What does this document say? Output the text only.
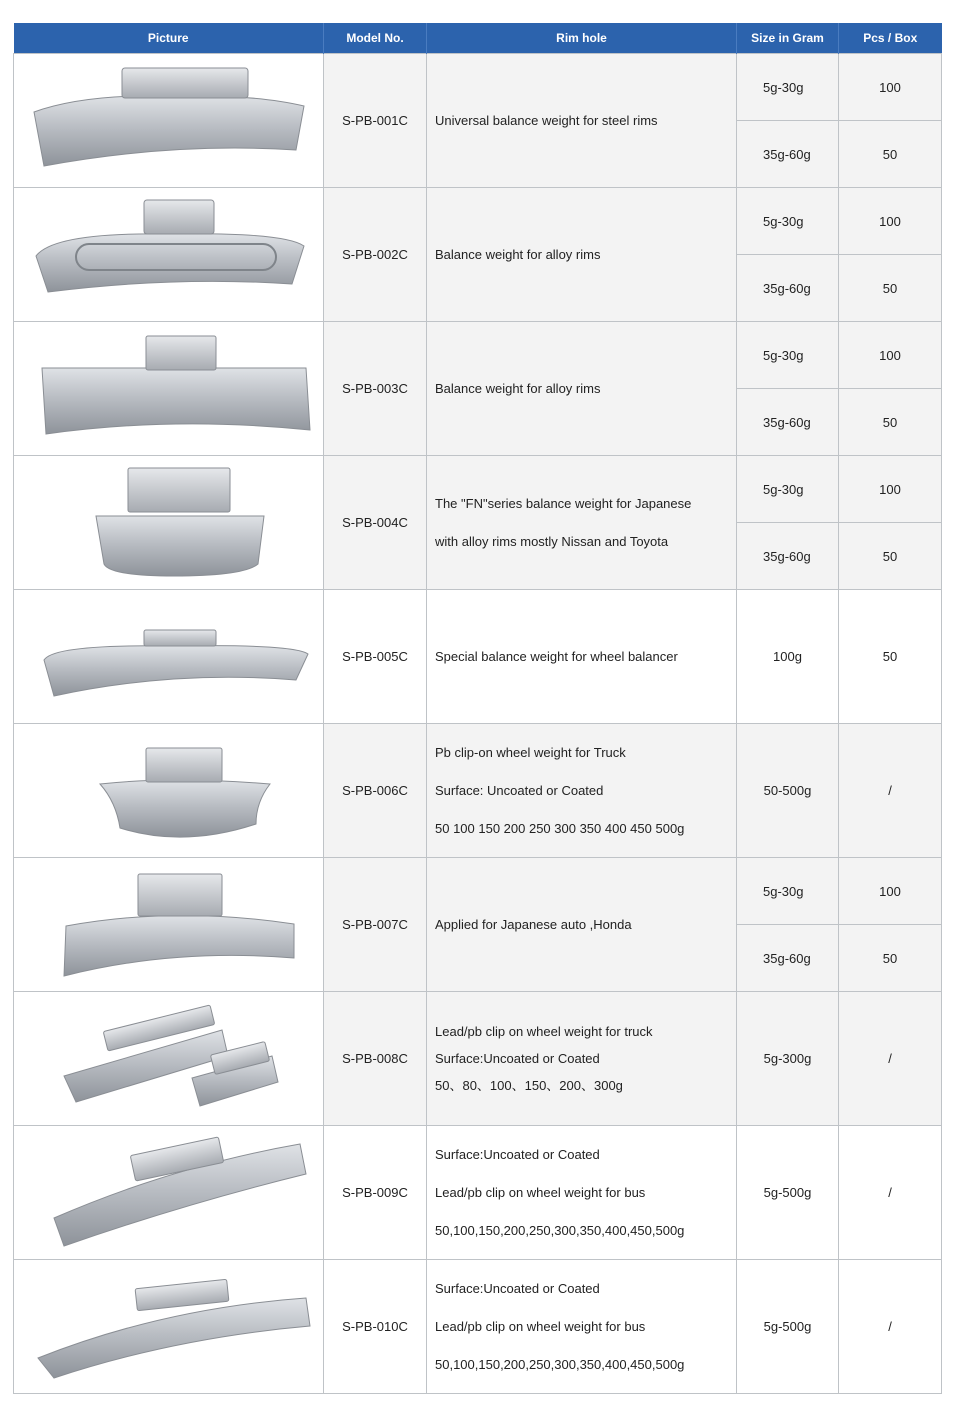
Picture	Model No.	Rim hole	Size in Gram	Pcs / Box

	S-PB-001C	Universal balance weight for steel rims	5g-30g	100
			35g-60g	50

	S-PB-002C	Balance weight for alloy rims	5g-30g	100
			35g-60g	50

	S-PB-003C	Balance weight for alloy rims	5g-30g	100
			35g-60g	50

	S-PB-004C	The "FN"series balance weight for Japanese
with alloy rims mostly Nissan and Toyota	5g-30g	100
			35g-60g	50

	S-PB-005C	Special balance weight for wheel balancer	100g	50

	S-PB-006C	Pb clip-on wheel weight for Truck
Surface: Uncoated or Coated
50 100 150 200 250 300 350 400 450 500g	50-500g	/

	S-PB-007C	Applied for Japanese auto ,Honda	5g-30g	100
			35g-60g	50

	S-PB-008C	Lead/pb clip on wheel weight for truck
Surface:Uncoated or Coated
50、80、100、150、200、300g	5g-300g	/

	S-PB-009C	Surface:Uncoated or Coated
Lead/pb clip on wheel weight for bus
50,100,150,200,250,300,350,400,450,500g	5g-500g	/

	S-PB-010C	Surface:Uncoated or Coated
Lead/pb clip on wheel weight for bus
50,100,150,200,250,300,350,400,450,500g	5g-500g	/
